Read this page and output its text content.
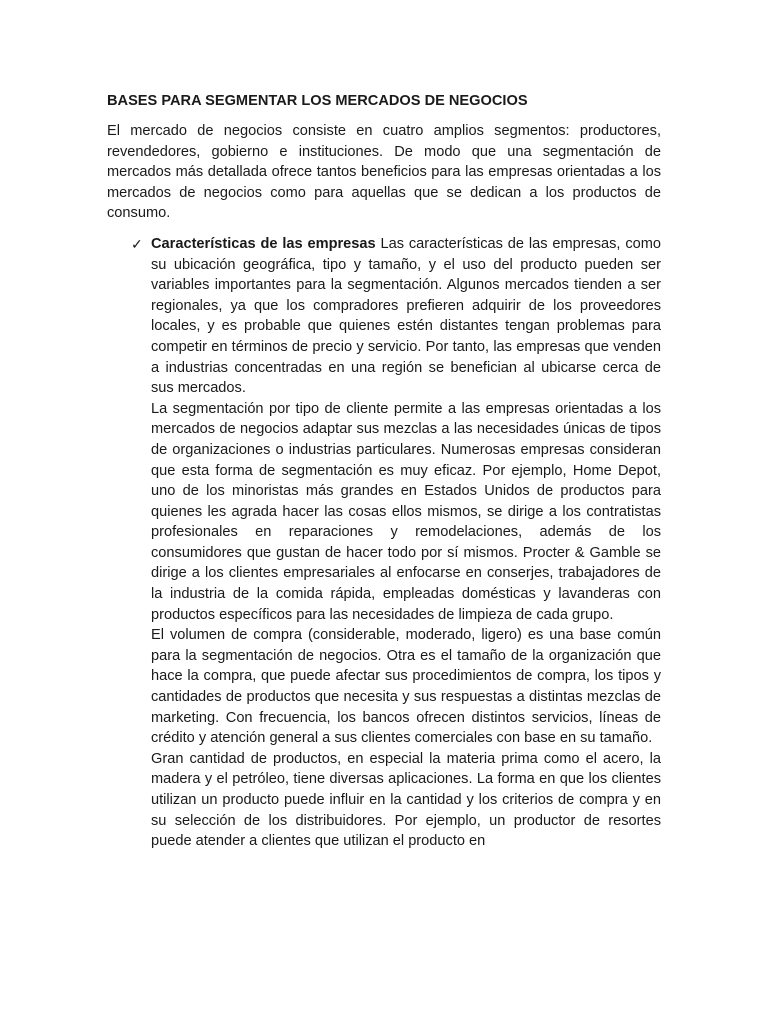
BASES PARA SEGMENTAR LOS MERCADOS DE NEGOCIOS

El mercado de negocios consiste en cuatro amplios segmentos: productores, revendedores, gobierno e instituciones. De modo que una segmentación de mercados más detallada ofrece tantos beneficios para las empresas orientadas a los mercados de negocios como para aquellas que se dedican a los productos de consumo.

✓ Características de las empresas Las características de las empresas, como su ubicación geográfica, tipo y tamaño, y el uso del producto pueden ser variables importantes para la segmentación. Algunos mercados tienden a ser regionales, ya que los compradores prefieren adquirir de los proveedores locales, y es probable que quienes estén distantes tengan problemas para competir en términos de precio y servicio. Por tanto, las empresas que venden a industrias concentradas en una región se benefician al ubicarse cerca de sus mercados.

La segmentación por tipo de cliente permite a las empresas orientadas a los mercados de negocios adaptar sus mezclas a las necesidades únicas de tipos de organizaciones o industrias particulares. Numerosas empresas consideran que esta forma de segmentación es muy eficaz. Por ejemplo, Home Depot, uno de los minoristas más grandes en Estados Unidos de productos para quienes les agrada hacer las cosas ellos mismos, se dirige a los contratistas profesionales en reparaciones y remodelaciones, además de los consumidores que gustan de hacer todo por sí mismos. Procter & Gamble se dirige a los clientes empresariales al enfocarse en conserjes, trabajadores de la industria de la comida rápida, empleadas domésticas y lavanderas con productos específicos para las necesidades de limpieza de cada grupo.

El volumen de compra (considerable, moderado, ligero) es una base común para la segmentación de negocios. Otra es el tamaño de la organización que hace la compra, que puede afectar sus procedimientos de compra, los tipos y cantidades de productos que necesita y sus respuestas a distintas mezclas de marketing. Con frecuencia, los bancos ofrecen distintos servicios, líneas de crédito y atención general a sus clientes comerciales con base en su tamaño.

Gran cantidad de productos, en especial la materia prima como el acero, la madera y el petróleo, tiene diversas aplicaciones. La forma en que los clientes utilizan un producto puede influir en la cantidad y los criterios de compra y en su selección de los distribuidores. Por ejemplo, un productor de resortes puede atender a clientes que utilizan el producto en
